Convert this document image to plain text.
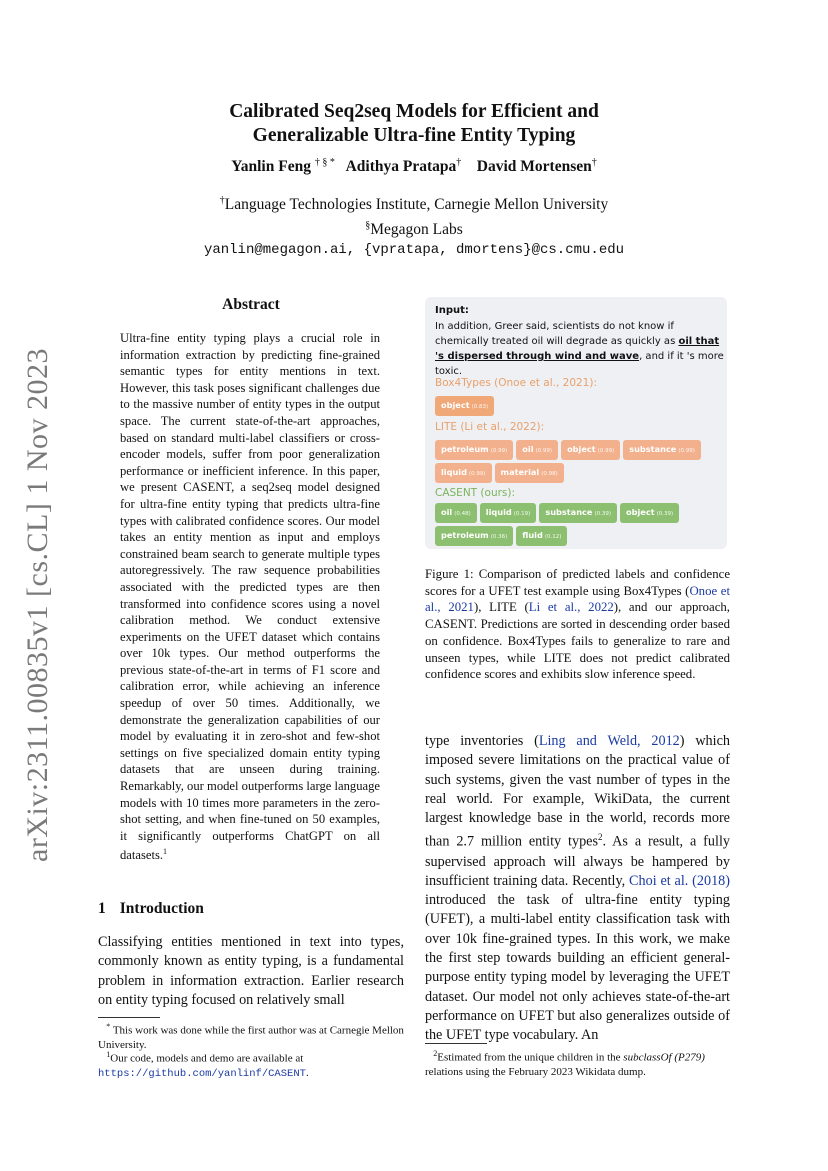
arXiv:2311.00835v1 [cs.CL] 1 Nov 2023
Calibrated Seq2seq Models for Efficient and
Generalizable Ultra-fine Entity Typing
Yanlin Feng † § * Adithya Pratapa† David Mortensen†
†Language Technologies Institute, Carnegie Mellon University
§Megagon Labs
yanlin@megagon.ai, {vpratapa, dmortens}@cs.cmu.edu
Abstract
Ultra-fine entity typing plays a crucial role in information extraction by predicting fine-grained semantic types for entity mentions in text. However, this task poses significant challenges due to the massive number of entity types in the output space. The current state-of-the-art approaches, based on standard multi-label classifiers or cross-encoder models, suffer from poor generalization performance or inefficient inference. In this paper, we present CASENT, a seq2seq model designed for ultra-fine entity typing that predicts ultra-fine types with calibrated confidence scores. Our model takes an entity mention as input and employs constrained beam search to generate multiple types autoregressively. The raw sequence probabilities associated with the predicted types are then transformed into confidence scores using a novel calibration method. We conduct extensive experiments on the UFET dataset which contains over 10k types. Our method outperforms the previous state-of-the-art in terms of F1 score and calibration error, while achieving an inference speedup of over 50 times. Additionally, we demonstrate the generalization capabilities of our model by evaluating it in zero-shot and few-shot settings on five specialized domain entity typing datasets that are unseen during training. Remarkably, our model outperforms large language models with 10 times more parameters in the zero-shot setting, and when fine-tuned on 50 examples, it significantly outperforms ChatGPT on all datasets.$^1$
1 Introduction
Classifying entities mentioned in text into types, commonly known as entity typing, is a fundamental problem in information extraction. Earlier research on entity typing focused on relatively small
* This work was done while the first author was at Carnegie Mellon University.
$^1$Our code, models and demo are available at https://github.com/yanlinf/CASENT.
Input:
In addition, Greer said, scientists do not know if chemically treated oil will degrade as quickly as oil that 's dispersed through wind and wave, and if it 's more toxic.
Box4Types (Onoe et al., 2021):
object (0.83)
LITE (Li et al., 2022):
petroleum (0.99)	oil (0.99)	object (0.99)	substance (0.99)
liquid (0.99)	material (0.98)
CASENT (ours):
oil (0.48)	liquid (0.19)	substance (0.39)	object (0.39)
petroleum (0.36)	fluid (0.12)
Figure 1: Comparison of predicted labels and confidence scores for a UFET test example using Box4Types (Onoe et al., 2021), LITE (Li et al., 2022), and our approach, CASENT. Predictions are sorted in descending order based on confidence. Box4Types fails to generalize to rare and unseen types, while LITE does not predict calibrated confidence scores and exhibits slow inference speed.
type inventories (Ling and Weld, 2012) which imposed severe limitations on the practical value of such systems, given the vast number of types in the real world. For example, WikiData, the current largest knowledge base in the world, records more than 2.7 million entity types$^2$. As a result, a fully supervised approach will always be hampered by insufficient training data. Recently, Choi et al. (2018) introduced the task of ultra-fine entity typing (UFET), a multi-label entity classification task with over 10k fine-grained types. In this work, we make the first step towards building an efficient general-purpose entity typing model by leveraging the UFET dataset. Our model not only achieves state-of-the-art performance on UFET but also generalizes outside of the UFET type vocabulary. An
$^2$Estimated from the unique children in the subclassOf (P279) relations using the February 2023 Wikidata dump.
